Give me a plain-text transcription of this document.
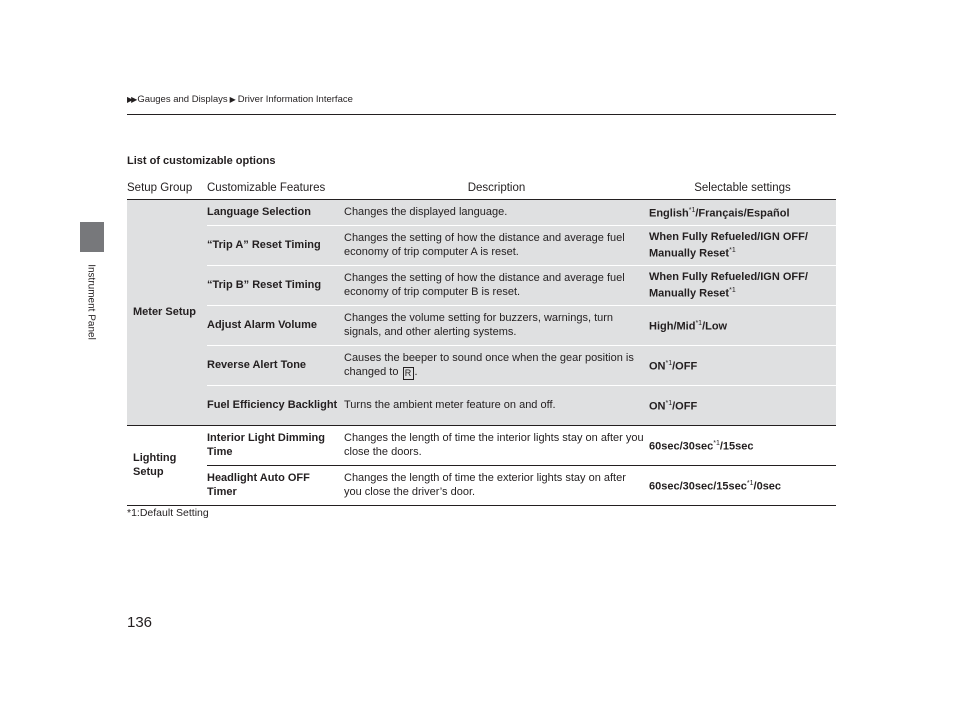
Instrument Panel
▶▶ Gauges and Displays ▶ Driver Information Interface
List of customizable options
Setup Group	Customizable Features	Description	Selectable settings
Meter Setup	Language Selection	Changes the displayed language.	English$^{*1}$/Français/Español
	“Trip A” Reset Timing	Changes the setting of how the distance and average fuel economy of trip computer A is reset.	When Fully Refueled/IGN OFF/
Manually Reset$^{*1}$
	“Trip B” Reset Timing	Changes the setting of how the distance and average fuel economy of trip computer B is reset.	When Fully Refueled/IGN OFF/
Manually Reset$^{*1}$
	Adjust Alarm Volume	Changes the volume setting for buzzers, warnings, turn signals, and other alerting systems.	High/Mid$^{*1}$/Low
	Reverse Alert Tone	Causes the beeper to sound once when the gear position is changed to R .	ON$^{*1}$/OFF
	Fuel Efficiency Backlight	Turns the ambient meter feature on and off.	ON$^{*1}$/OFF
Lighting Setup	Interior Light Dimming Time	Changes the length of time the interior lights stay on after you close the doors.	$60\sec/30\sec^{*1}/15\sec$
	Headlight Auto OFF Timer	Changes the length of time the exterior lights stay on after you close the driver’s door.	$60\sec/30\sec/15\sec^{*1}/0\sec$
*1:Default Setting
136
